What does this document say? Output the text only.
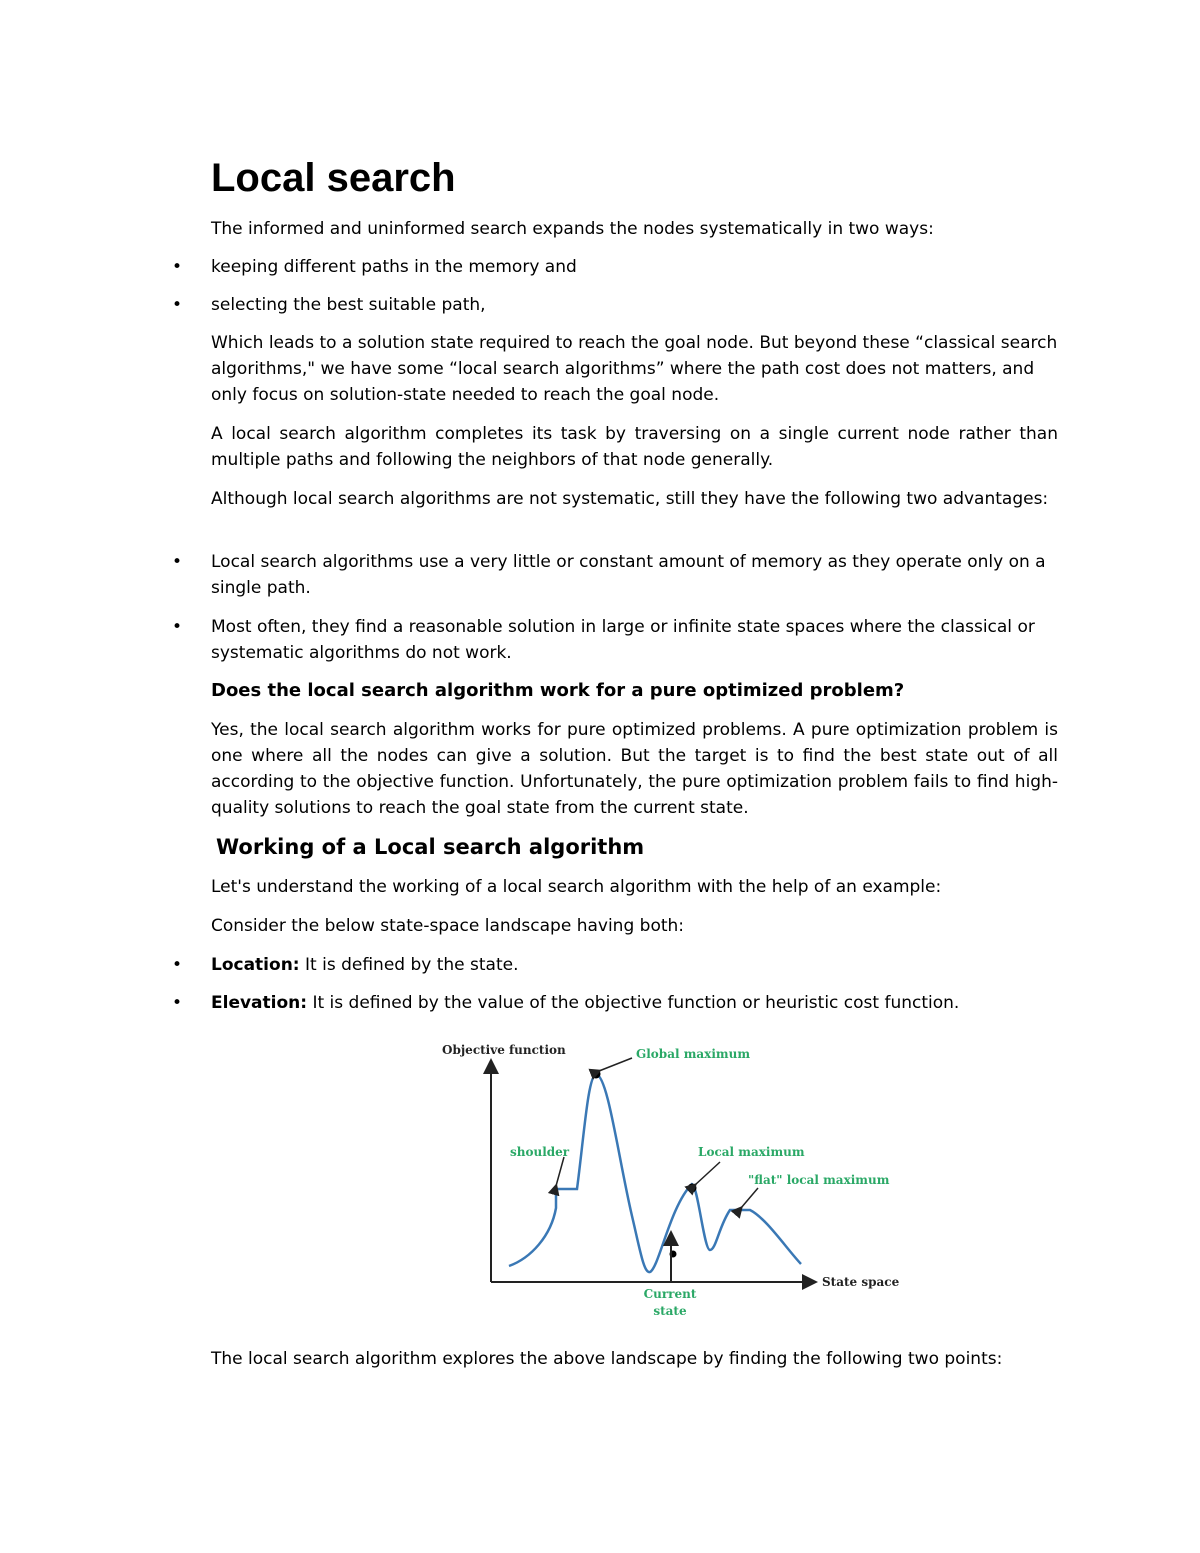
Local search

The informed and uninformed search expands the nodes systematically in two ways:

•

keeping different paths in the memory and

•

selecting the best suitable path,

Which leads to a solution state required to reach the goal node. But beyond these “classical search algorithms," we have some “local search algorithms” where the path cost does not matters, and only focus on solution-state needed to reach the goal node.

A local search algorithm completes its task by traversing on a single current node rather than multiple paths and following the neighbors of that node generally.

Although local search algorithms are not systematic, still they have the following two advantages:

•

Local search algorithms use a very little or constant amount of memory as they operate only on a single path.

•

Most often, they find a reasonable solution in large or infinite state spaces where the classical or systematic algorithms do not work.

Does the local search algorithm work for a pure optimized problem?

Yes, the local search algorithm works for pure optimized problems. A pure optimization problem is one where all the nodes can give a solution. But the target is to find the best state out of all according to the objective function. Unfortunately, the pure optimization problem fails to find high-quality solutions to reach the goal state from the current state.

Working of a Local search algorithm

Let's understand the working of a local search algorithm with the help of an example:

Consider the below state-space landscape having both:

•

Location: It is defined by the state.

•

Elevation: It is defined by the value of the objective function or heuristic cost function.

Objective function
State space
Global maximum
shoulder	Local maximum
"flat" local maximum
Current
state

The local search algorithm explores the above landscape by finding the following two points:
